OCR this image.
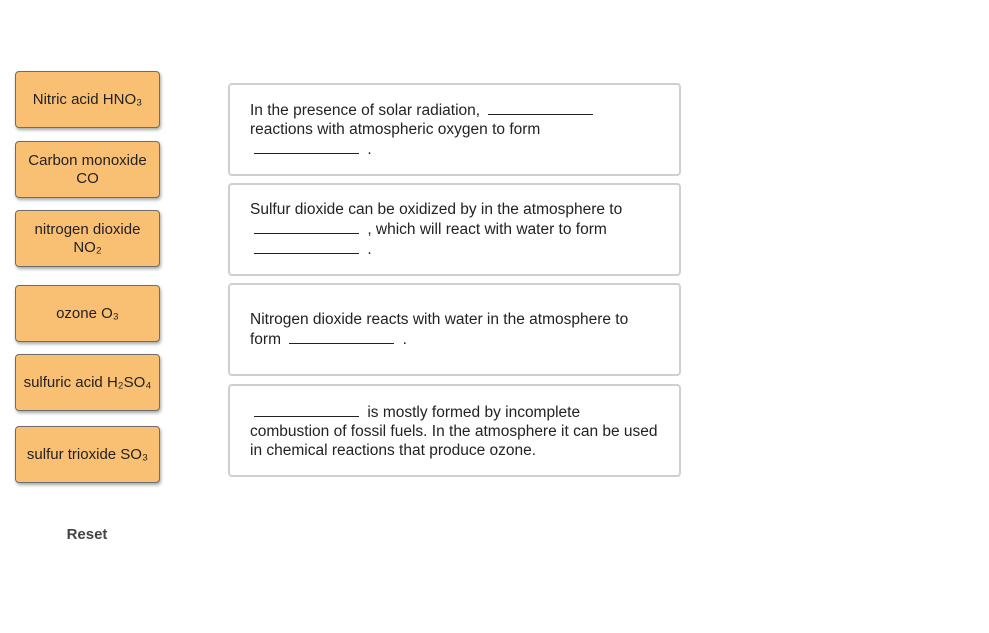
Nitric acid HNO₃
Carbon monoxide CO
nitrogen dioxide NO₂
ozone O₃
sulfuric acid H₂SO₄
sulfur trioxide SO₃
Reset
In the presence of solar radiation,  reactions with atmospheric oxygen to form
.
Sulfur dioxide can be oxidized by in the atmosphere to
, which will react with water to form
.
Nitrogen dioxide reacts with water in the atmosphere to form	.
is mostly formed by incomplete combustion of fossil fuels. In the atmosphere it can be used in chemical reactions that produce ozone.
